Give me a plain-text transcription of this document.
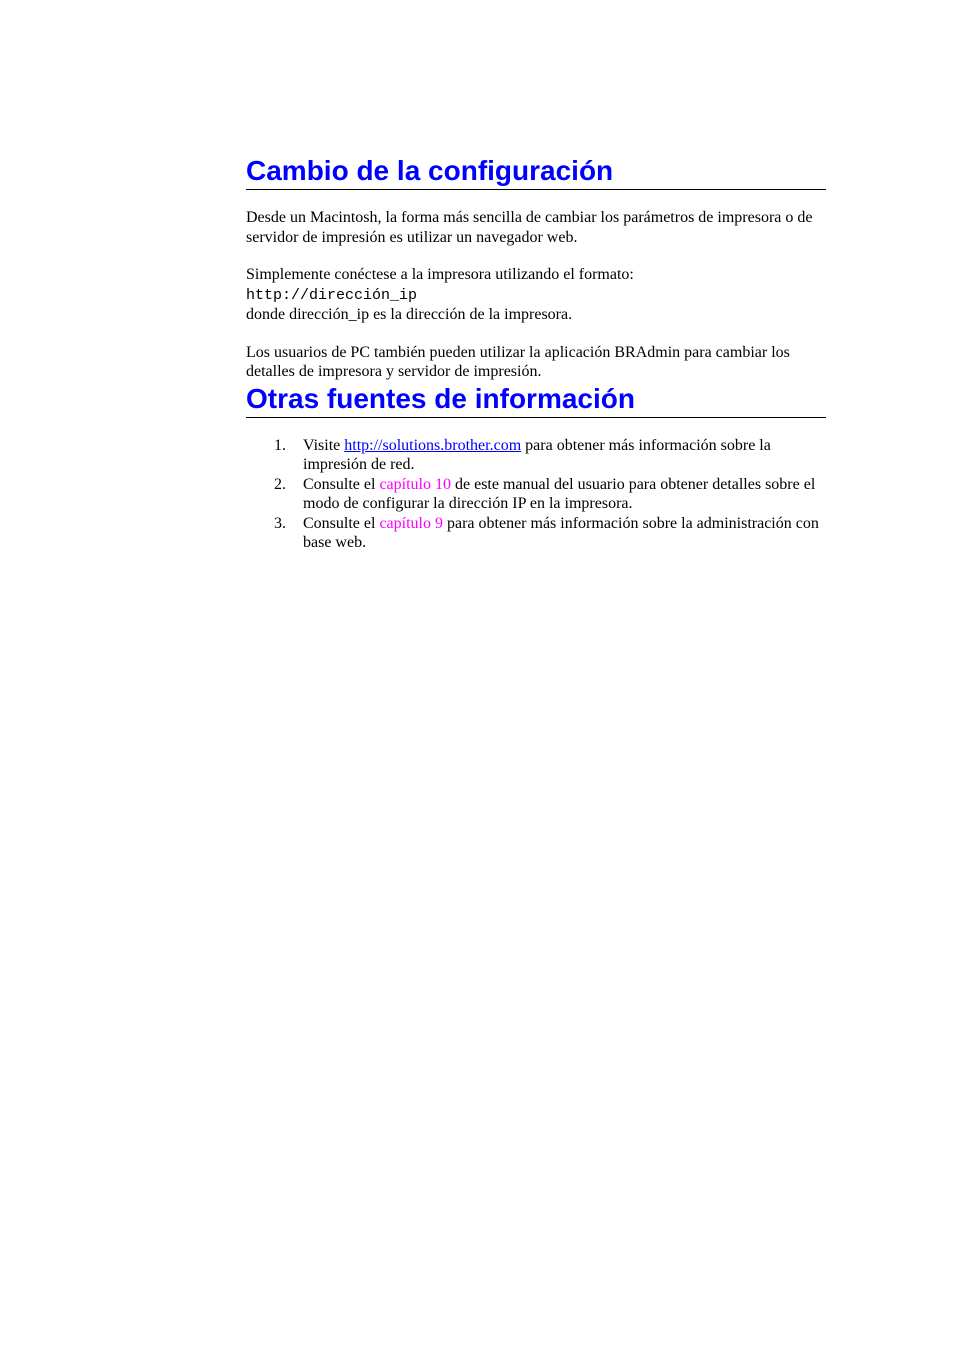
Cambio de la configuración

Desde un Macintosh, la forma más sencilla de cambiar los parámetros de impresora o de servidor de impresión es utilizar un navegador web.

Simplemente conéctese a la impresora utilizando el formato:
http://dirección_ip
donde dirección_ip es la dirección de la impresora.

Los usuarios de PC también pueden utilizar la aplicación BRAdmin para cambiar los detalles de impresora y servidor de impresión.

Otras fuentes de información
1. Visite http://solutions.brother.com para obtener más información sobre la impresión de red.
2. Consulte el capítulo 10 de este manual del usuario para obtener detalles sobre el modo de configurar la dirección IP en la impresora.
3. Consulte el capítulo 9 para obtener más información sobre la administración con base web.
